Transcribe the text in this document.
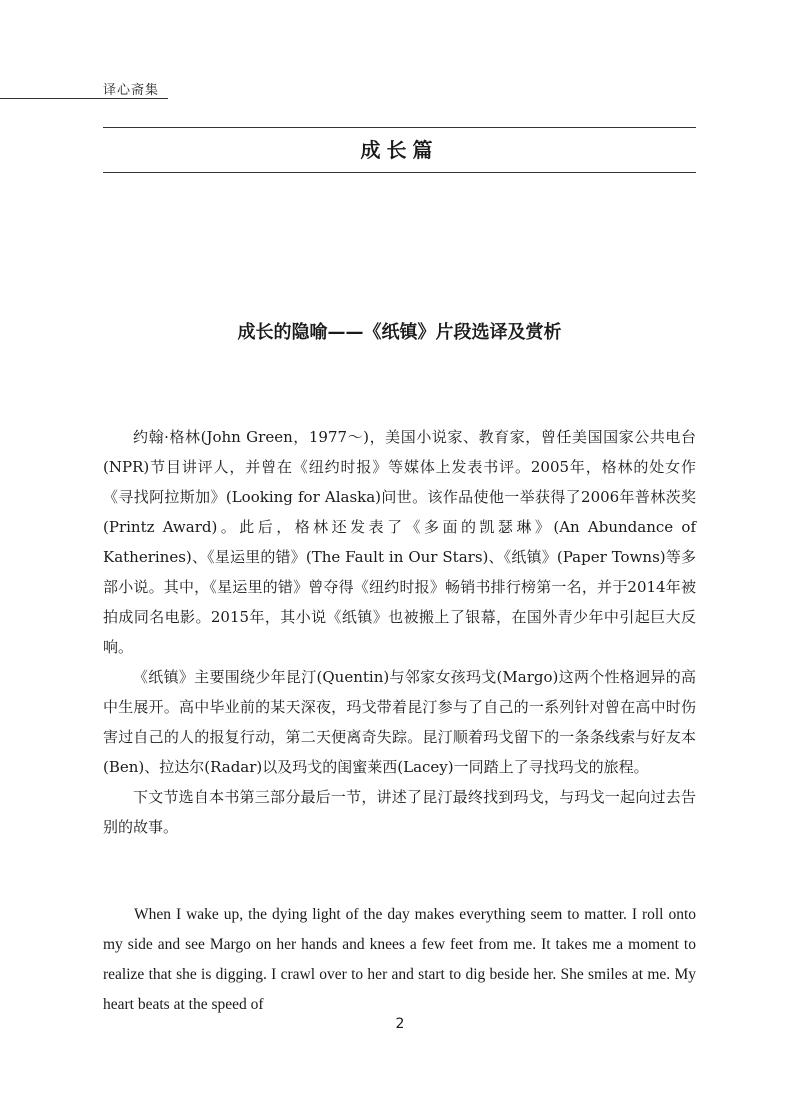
译心斋集
成长篇
成长的隐喻——《纸镇》片段选译及赏析

约翰·格林(John Green，1977～)，美国小说家、教育家，曾任美国国家公共电台(NPR)节目讲评人，并曾在《纽约时报》等媒体上发表书评。2005年，格林的处女作《寻找阿拉斯加》(Looking for Alaska)问世。该作品使他一举获得了2006年普林茨奖(Printz Award)。此后，格林还发表了《多面的凯瑟琳》(An Abundance of Katherines)、《星运里的错》(The Fault in Our Stars)、《纸镇》(Paper Towns)等多部小说。其中，《星运里的错》曾夺得《纽约时报》畅销书排行榜第一名，并于2014年被拍成同名电影。2015年，其小说《纸镇》也被搬上了银幕，在国外青少年中引起巨大反响。

《纸镇》主要围绕少年昆汀(Quentin)与邻家女孩玛戈(Margo)这两个性格迥异的高中生展开。高中毕业前的某天深夜，玛戈带着昆汀参与了自己的一系列针对曾在高中时伤害过自己的人的报复行动，第二天便离奇失踪。昆汀顺着玛戈留下的一条条线索与好友本(Ben)、拉达尔(Radar)以及玛戈的闺蜜莱西(Lacey)一同踏上了寻找玛戈的旅程。

下文节选自本书第三部分最后一节，讲述了昆汀最终找到玛戈，与玛戈一起向过去告别的故事。

When I wake up, the dying light of the day makes everything seem to matter. I roll onto my side and see Margo on her hands and knees a few feet from me. It takes me a moment to realize that she is digging. I crawl over to her and start to dig beside her. She smiles at me. My heart beats at the speed of

2
